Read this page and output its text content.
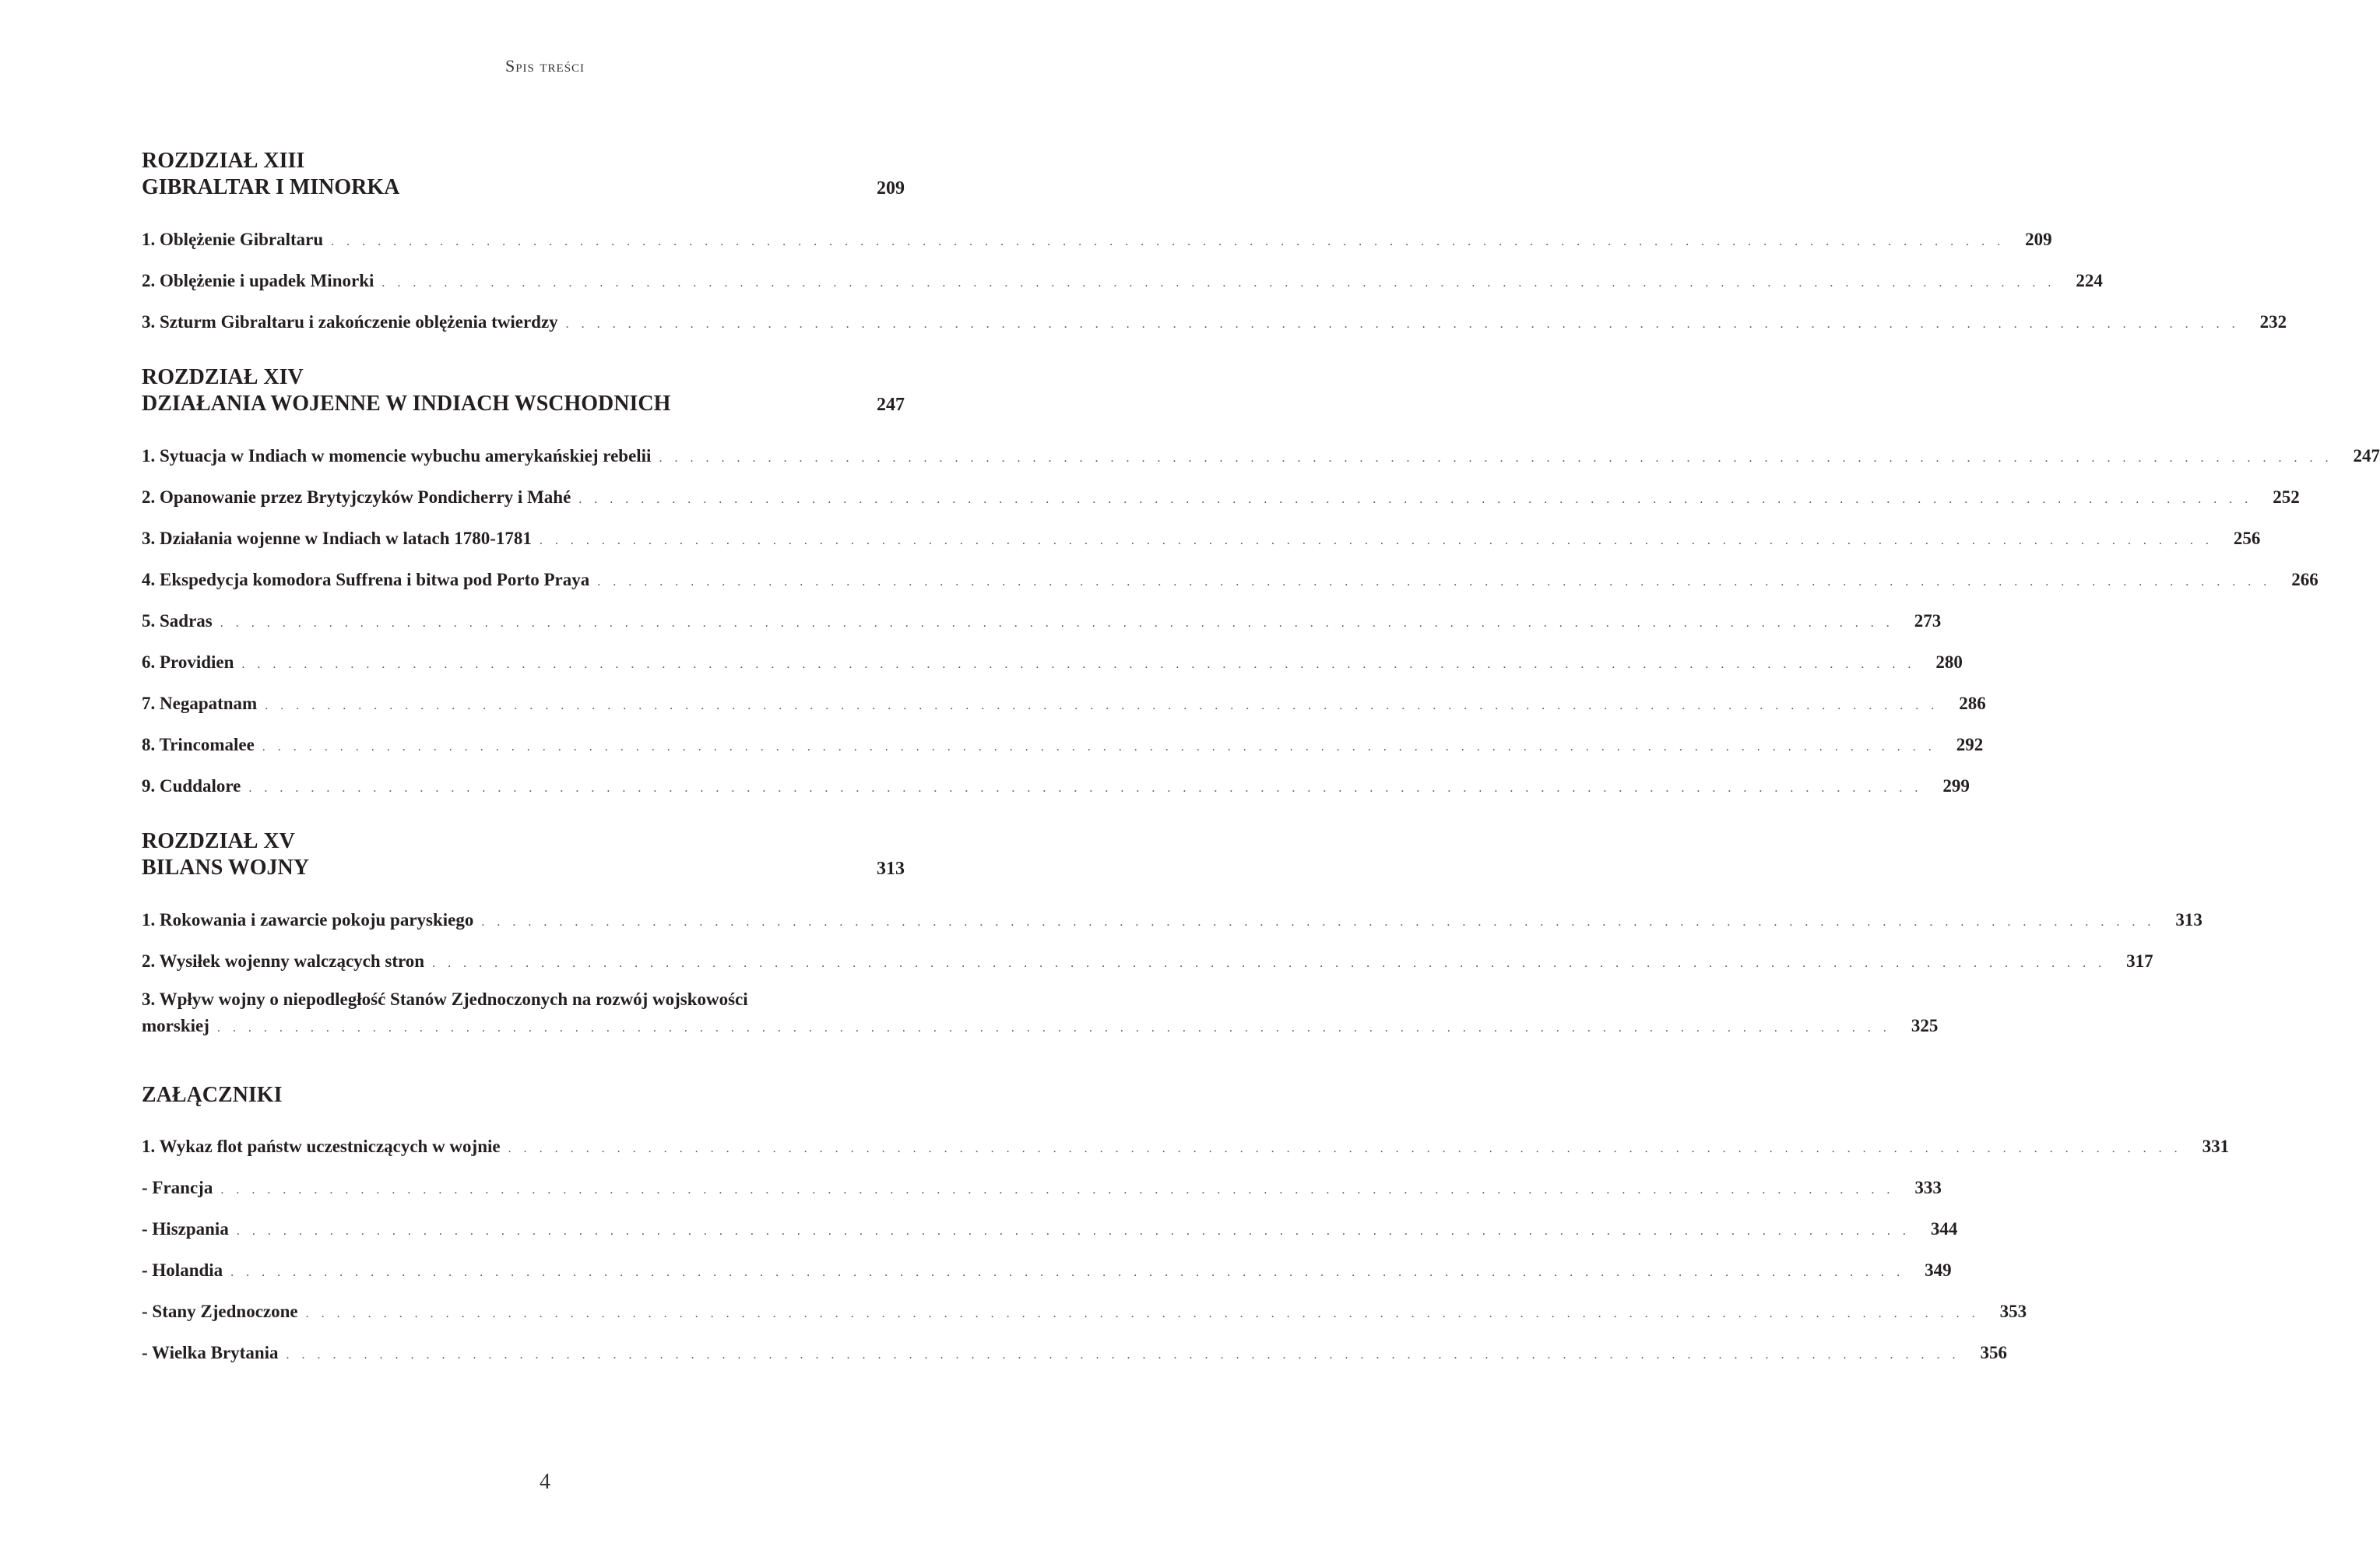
Spis treści
ROZDZIAŁ XIII
GIBRALTAR I MINORKA	209
1. Oblężenie Gibraltaru . . . . . . . . . . . . . . . . . . . . . . . . . . . . . . . . . . . . . . . . . . . . . . . . . . . . . . . . . . . . . . . . . . . . . . . . . . . . . . . . . . . . . . . . . . . . . . . . . . . . . . . . . . . . 209
2. Oblężenie i upadek Minorki . . . . . . . . . . . . . . . . . . . . . . . . . . . . . . . . . . . . . . . . . . . . . . . . . . . . . . . . . . . . . . . . . . . . . . . . . . . . . . . . . . . . . . . . . . . . . . . . . . . . . . . . . . . . 224
3. Szturm Gibraltaru i zakończenie oblężenia twierdzy . . . . . . . . . . . . . . . . . . . . . . . . . . . . . . . . . . . . . . . . . . . . . . . . . . . . . . . . . . . . . . . . . . . . . . . . . . . . . . . . . . . . . . . . . . . . . . . . . . . . . . . . . . . . 232
ROZDZIAŁ XIV
DZIAŁANIA WOJENNE W INDIACH WSCHODNICH	247
1. Sytuacja w Indiach w momencie wybuchu amerykańskiej rebelii . . . . . . . . . . . . . . . . . . . . . . . . . . . . . . . . . . . . . . . . . . . . . . . . . . . . . . . . . . . . . . . . . . . . . . . . . . . . . . . . . . . . . . . . . . . . . . . . . . . . . . . . . . . . 247
2. Opanowanie przez Brytyjczyków Pondicherry i Mahé . . . . . . . . . . . . . . . . . . . . . . . . . . . . . . . . . . . . . . . . . . . . . . . . . . . . . . . . . . . . . . . . . . . . . . . . . . . . . . . . . . . . . . . . . . . . . . . . . . . . . . . . . . . . 252
3. Działania wojenne w Indiach w latach 1780-1781 . . . . . . . . . . . . . . . . . . . . . . . . . . . . . . . . . . . . . . . . . . . . . . . . . . . . . . . . . . . . . . . . . . . . . . . . . . . . . . . . . . . . . . . . . . . . . . . . . . . . . . . . . . . . 256
4. Ekspedycja komodora Suffrena i bitwa pod Porto Praya . . . . . . . . . . . . . . . . . . . . . . . . . . . . . . . . . . . . . . . . . . . . . . . . . . . . . . . . . . . . . . . . . . . . . . . . . . . . . . . . . . . . . . . . . . . . . . . . . . . . . . . . . . . . 266
5. Sadras . . . . . . . . . . . . . . . . . . . . . . . . . . . . . . . . . . . . . . . . . . . . . . . . . . . . . . . . . . . . . . . . . . . . . . . . . . . . . . . . . . . . . . . . . . . . . . . . . . . . . . . . . . . . 273
6. Providien . . . . . . . . . . . . . . . . . . . . . . . . . . . . . . . . . . . . . . . . . . . . . . . . . . . . . . . . . . . . . . . . . . . . . . . . . . . . . . . . . . . . . . . . . . . . . . . . . . . . . . . . . . . . 280
7. Negapatnam . . . . . . . . . . . . . . . . . . . . . . . . . . . . . . . . . . . . . . . . . . . . . . . . . . . . . . . . . . . . . . . . . . . . . . . . . . . . . . . . . . . . . . . . . . . . . . . . . . . . . . . . . . . . 286
8. Trincomalee . . . . . . . . . . . . . . . . . . . . . . . . . . . . . . . . . . . . . . . . . . . . . . . . . . . . . . . . . . . . . . . . . . . . . . . . . . . . . . . . . . . . . . . . . . . . . . . . . . . . . . . . . . . . 292
9. Cuddalore . . . . . . . . . . . . . . . . . . . . . . . . . . . . . . . . . . . . . . . . . . . . . . . . . . . . . . . . . . . . . . . . . . . . . . . . . . . . . . . . . . . . . . . . . . . . . . . . . . . . . . . . . . . . 299
ROZDZIAŁ XV
BILANS WOJNY	313
1. Rokowania i zawarcie pokoju paryskiego . . . . . . . . . . . . . . . . . . . . . . . . . . . . . . . . . . . . . . . . . . . . . . . . . . . . . . . . . . . . . . . . . . . . . . . . . . . . . . . . . . . . . . . . . . . . . . . . . . . . . . . . . . . . 313
2. Wysiłek wojenny walczących stron . . . . . . . . . . . . . . . . . . . . . . . . . . . . . . . . . . . . . . . . . . . . . . . . . . . . . . . . . . . . . . . . . . . . . . . . . . . . . . . . . . . . . . . . . . . . . . . . . . . . . . . . . . . . 317
3. Wpływ wojny o niepodległość Stanów Zjednoczonych na rozwój wojskowości
morskiej . . . . . . . . . . . . . . . . . . . . . . . . . . . . . . . . . . . . . . . . . . . . . . . . . . . . . . . . . . . . . . . . . . . . . . . . . . . . . . . . . . . . . . . . . . . . . . . . . . . . . . . . . . . . 325
ZAŁĄCZNIKI
1. Wykaz flot państw uczestniczących w wojnie . . . . . . . . . . . . . . . . . . . . . . . . . . . . . . . . . . . . . . . . . . . . . . . . . . . . . . . . . . . . . . . . . . . . . . . . . . . . . . . . . . . . . . . . . . . . . . . . . . . . . . . . . . . . 331
- Francja . . . . . . . . . . . . . . . . . . . . . . . . . . . . . . . . . . . . . . . . . . . . . . . . . . . . . . . . . . . . . . . . . . . . . . . . . . . . . . . . . . . . . . . . . . . . . . . . . . . . . . . . . . . . 333
- Hiszpania . . . . . . . . . . . . . . . . . . . . . . . . . . . . . . . . . . . . . . . . . . . . . . . . . . . . . . . . . . . . . . . . . . . . . . . . . . . . . . . . . . . . . . . . . . . . . . . . . . . . . . . . . . . . 344
- Holandia . . . . . . . . . . . . . . . . . . . . . . . . . . . . . . . . . . . . . . . . . . . . . . . . . . . . . . . . . . . . . . . . . . . . . . . . . . . . . . . . . . . . . . . . . . . . . . . . . . . . . . . . . . . . 349
- Stany Zjednoczone . . . . . . . . . . . . . . . . . . . . . . . . . . . . . . . . . . . . . . . . . . . . . . . . . . . . . . . . . . . . . . . . . . . . . . . . . . . . . . . . . . . . . . . . . . . . . . . . . . . . . . . . . . . . 353
- Wielka Brytania . . . . . . . . . . . . . . . . . . . . . . . . . . . . . . . . . . . . . . . . . . . . . . . . . . . . . . . . . . . . . . . . . . . . . . . . . . . . . . . . . . . . . . . . . . . . . . . . . . . . . . . . . . . . 356
4
